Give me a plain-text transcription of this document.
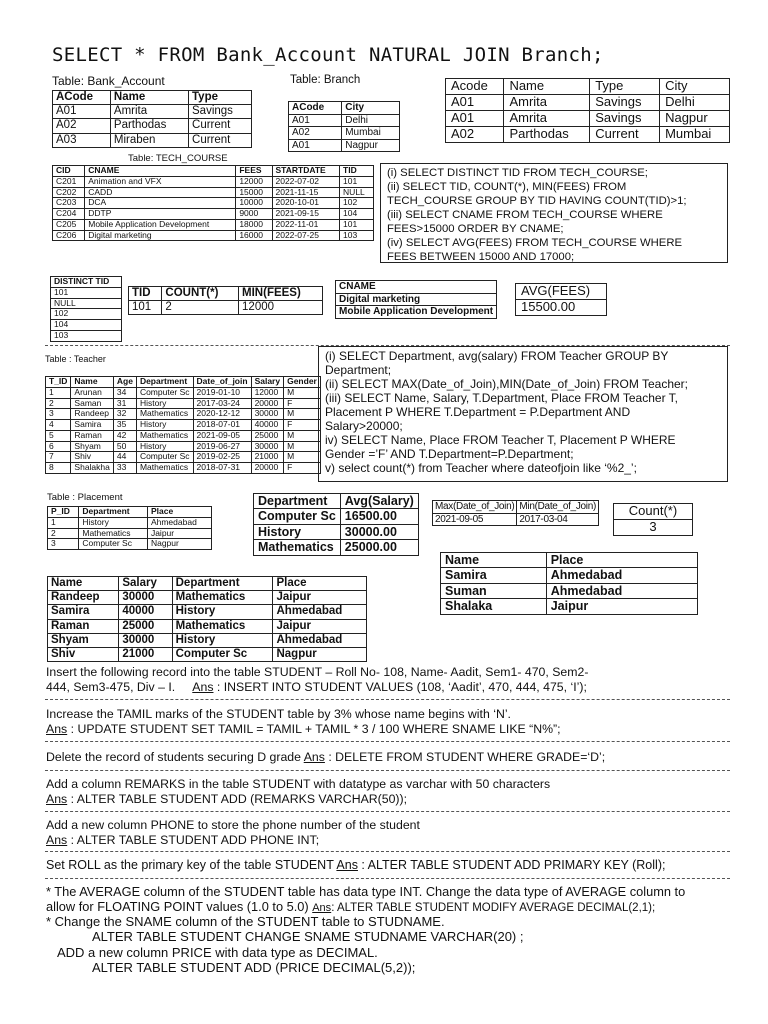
SELECT * FROM Bank_Account NATURAL JOIN Branch;
Table: Bank_Account
ACode	Name	Type
A01	Amrita	Savings
A02	Parthodas	Current
A03	Miraben	Current
Table: Branch
ACode	City
A01	Delhi
A02	Mumbai
A01	Nagpur
Acode	Name	Type	City
A01	Amrita	Savings	Delhi
A01	Amrita	Savings	Nagpur
A02	Parthodas	Current	Mumbai
Table: TECH_COURSE
CID	CNAME	FEES	STARTDATE	TID
C201	Animation and VFX	12000	2022-07-02	101
C202	CADD	15000	2021-11-15	NULL
C203	DCA	10000	2020-10-01	102
C204	DDTP	9000	2021-09-15	104
C205	Mobile Application Development	18000	2022-11-01	101
C206	Digital marketing	16000	2022-07-25	103
(i) SELECT DISTINCT TID FROM TECH_COURSE;
(ii) SELECT TID, COUNT(*), MIN(FEES) FROM
TECH_COURSE GROUP BY TID HAVING COUNT(TID)>1;
(iii) SELECT CNAME FROM TECH_COURSE WHERE
FEES>15000 ORDER BY CNAME;
(iv) SELECT AVG(FEES) FROM TECH_COURSE WHERE
FEES BETWEEN 15000 AND 17000;
DISTINCT TID
101
NULL
102
104
103
TID	COUNT(*)	MIN(FEES)
101	2	12000
CNAME
Digital marketing
Mobile Application Development
AVG(FEES)
15500.00
Table : Teacher
T_ID	Name	Age	Department	Date_of_join	Salary	Gender
1	Arunan	34	Computer Sc	2019-01-10	12000	M
2	Saman	31	History	2017-03-24	20000	F
3	Randeep	32	Mathematics	2020-12-12	30000	M
4	Samira	35	History	2018-07-01	40000	F
5	Raman	42	Mathematics	2021-09-05	25000	M
6	Shyam	50	History	2019-06-27	30000	M
7	Shiv	44	Computer Sc	2019-02-25	21000	M
8	Shalakha	33	Mathematics	2018-07-31	20000	F
(i) SELECT Department, avg(salary) FROM Teacher GROUP BY
Department;
(ii) SELECT MAX(Date_of_Join),MIN(Date_of_Join) FROM Teacher;
(iii) SELECT Name, Salary, T.Department, Place FROM Teacher T,
Placement P WHERE T.Department = P.Department AND
Salary>20000;
iv) SELECT Name, Place FROM Teacher T, Placement P WHERE
Gender =’F’ AND T.Department=P.Department;
v) select count(*) from Teacher where dateofjoin like ‘%2_’;
Table : Placement
P_ID	Department	Place
1	History	Ahmedabad
2	Mathematics	Jaipur
3	Computer Sc	Nagpur
Department	Avg(Salary)
Computer Sc	16500.00
History	30000.00
Mathematics	25000.00
Max(Date_of_Join)	Min(Date_of_Join)
2021-09-05	2017-03-04
Count(*)
3
Name	Place
Samira	Ahmedabad
Suman	Ahmedabad
Shalaka	Jaipur
Name	Salary	Department	Place
Randeep	30000	Mathematics	Jaipur
Samira	40000	History	Ahmedabad
Raman	25000	Mathematics	Jaipur
Shyam	30000	History	Ahmedabad
Shiv	21000	Computer Sc	Nagpur
Insert the following record into the table STUDENT – Roll No- 108, Name- Aadit, Sem1- 470, Sem2-
444, Sem3-475, Div – I. Ans : INSERT INTO STUDENT VALUES (108, ‘Aadit’, 470, 444, 475, ‘I’);
Increase the TAMIL marks of the STUDENT table by 3% whose name begins with ‘N’.
Ans : UPDATE STUDENT SET TAMIL = TAMIL + TAMIL * 3 / 100 WHERE SNAME LIKE “N%”;
Delete the record of students securing D grade Ans : DELETE FROM STUDENT WHERE GRADE=‘D’;
Add a column REMARKS in the table STUDENT with datatype as varchar with 50 characters
Ans : ALTER TABLE STUDENT ADD (REMARKS VARCHAR(50));
Add a new column PHONE to store the phone number of the student
Ans : ALTER TABLE STUDENT ADD PHONE INT;
Set ROLL as the primary key of the table STUDENT Ans : ALTER TABLE STUDENT ADD PRIMARY KEY (Roll);
* The AVERAGE column of the STUDENT table has data type INT. Change the data type of AVERAGE column to
allow for FLOATING POINT values (1.0 to 5.0) Ans: ALTER TABLE STUDENT MODIFY AVERAGE DECIMAL(2,1);
* Change the SNAME column of the STUDENT table to STUDNAME.
ALTER TABLE STUDENT CHANGE SNAME STUDNAME VARCHAR(20) ;
ADD a new column PRICE with data type as DECIMAL.
ALTER TABLE STUDENT ADD (PRICE DECIMAL(5,2));
